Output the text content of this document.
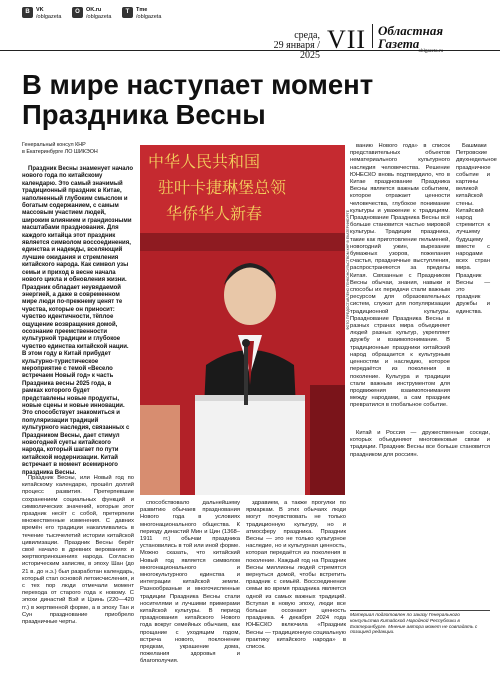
В	VK
/oblgazeta
О	OK.ru
/oblgazeta
T	Tme
/oblgazeta
среда,
29 января / 2025
VII Областная
Газета
oblgazeta.ru
В мире наступает момент Праздника Весны
Генеральный консул КНР
в Екатеринбурге ЛО ШИКЭОН

Праздник Весны знаменует начало нового года по китайскому календарю. Это самый значимый традиционный праздник в Китае, наполненный глубоким смыслом и богатым содержанием, с самым массовым участием людей, широким влиянием и грандиозными масштабами празднования. Для каждого китайца этот праздник является символом воссоединения, единства и надежды, вселяющий лучшие ожидания и стремления китайского народа. Как символ узы семьи и приход в весне начала нового цикла и обновления жизни. Праздник обладает неувядаемой энергией, а даже в современном мире люди по-прежнему ценят те чувства, которые он приносит: чувство идентичности, тёплое ощущение возвращения домой, осознание преемственности культурной традиции и глубокое чувство единства китайской нации. В этом году в Китай прибудет культурно-туристическое мероприятие с темой «Весело встречаем Новый год» к часть Праздника весны 2025 года, в рамках которого будет представлены новые продукты, новые сцены и новые инновации. Это способствует знакомиться и популяризации традиций культурного наследия, связанных с Праздником Весны, дает стимул новогодней суеты китайского народа, который шагает по пути китайской модернизации. Китай встречает в момент всемирного праздника Весны.

中华人民共和国
驻叶卡捷琳堡总领
华侨华人新春	ФОТО ПРЕДОСТАВЛЕНО ГЕНКОНСУЛЬСТВОМ КНР В ЕКАТЕРИНБУРГЕ

Праздник Весны, или Новый год по китайскому календарю, прошёл долгий процесс развития. Претерпевшие сохранением социальных функций и символических значений, которые этот праздник несёт с собой, претерпели множественные изменения. С давних времён его традиции накапливались в течение тысячелетий истории китайской цивилизации. Праздник Весны берёт своё начало в древних верованиях и жертвоприношениях народа. Согласно историческим записям, в эпоху Шан (до 21 в. до н.э.) был разработан календарь, который стал основой летоисчисления, и с тех пор люди отмечали момент перехода от старого года к новому. С эпохи династий Вэй и Цзинь (220—420 гг.) в жертвенной форме, а в эпоху Тан и Сун празднование приобрело праздничные черты.

способствовало дальнейшему развитию обычаев празднования Нового года в условиях многонационального общества. К периоду династий Мин и Цин (1368–1911 гг.) обычаи праздника установились в той или иной форме. Можно сказать, что китайский Новый год является символом многонационального и многокультурного единства и интеграции китайской земли. Разнообразные и многочисленные традиции Праздника Весны стали носителями и лучшими примерами китайской культуры. В период празднования китайского Нового года вокруг семейных обычаев, как прощание с уходящим годом, встреча нового, поклонение предкам, украшение дома, пожелания здоровья и благополучия.

здравием, а также прогулки по ярмаркам. В этих обычаях люди могут почувствовать не только традиционную культуру, но и атмосферу праздника. Праздник Весны — это не только культурное наследие, но и культурная ценность, которая передаётся из поколения в поколение. Каждый год на Праздник Весны миллионы людей стремятся вернуться домой, чтобы встретить праздник с семьёй. Воссоединение семьи во время праздника является одной из самых важных традиций. Вступая в новую эпоху, люди все больше осознают ценность праздника. 4 декабря 2024 года ЮНЕСКО включила «Праздник Весны — традиционную социальную практику китайского народа» в список.

ванию Нового года» в список представительных объектов нематериального культурного наследия человечества. Решение ЮНЕСКО вновь подтвердило, что в Китае празднование Праздника Весны является важным событием, которое отражает ценности человечества, глубокое понимание культуры и уважение к традициям. Празднование Праздника Весны всё больше становится частью мировой культуры. Традиции праздника, такие как приготовление пельменей, новогодний ужин, вырезание бумажных узоров, пожелания счастья, праздничные выступления, распространяются за пределы Китая. Связанные с Праздником Весны обычаи, знания, навыки и способы их передачи стали важным ресурсом для образовательных систем, служат для популяризации традиционной культуры. Празднование Праздника Весны в разных странах мира объединяет людей разных культур, укрепляет дружбу и взаимопонимание. В традиционные праздники китайский народ обращается к культурным ценностям и наследию, которое передаётся из поколения в поколение. Культура и традиции стали важным инструментом для продвижения взаимопонимания между народами, а сам праздник превратился в глобальное событие.

Башмаки Петровские двухнедельное праздничное событие и картины великой китайской стены. Китайский народ стремится к лучшему будущему вместе с народами всех стран мира. Праздник Весны — это праздник дружбы и единства.

Китай и Россия — дружественные соседи, которых объединяют многовековые связи и традиции. Праздник Весны все больше становится праздником для россиян.

Материал подготовлен по заказу Генерального консульства Китайской Народной Республики в Екатеринбурге. Мнение автора может не совпадать с позицией редакции.
